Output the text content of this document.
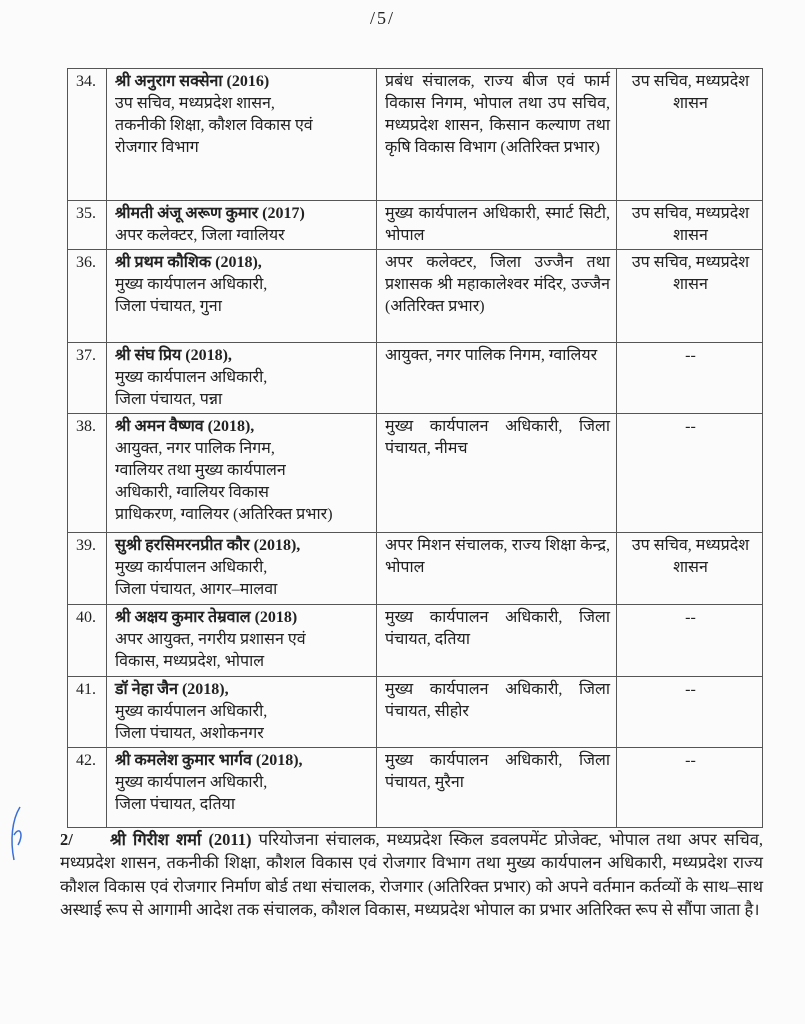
/5/
34.	श्री अनुराग सक्सेना (2016)
उप सचिव, मध्यप्रदेश शासन,
तकनीकी शिक्षा, कौशल विकास एवं
रोजगार विभाग	प्रबंध संचालक, राज्य बीज एवं फार्म विकास निगम, भोपाल तथा उप सचिव, मध्यप्रदेश शासन, किसान कल्याण तथा कृषि विकास विभाग (अतिरिक्त प्रभार)	उप सचिव, मध्यप्रदेश शासन
35.	श्रीमती अंजू अरूण कुमार (2017)
अपर कलेक्टर, जिला ग्वालियर	मुख्य कार्यपालन अधिकारी, स्मार्ट सिटी, भोपाल	उप सचिव, मध्यप्रदेश शासन
36.	श्री प्रथम कौशिक (2018),
मुख्य कार्यपालन अधिकारी,
जिला पंचायत, गुना	अपर कलेक्टर, जिला उज्जैन तथा प्रशासक श्री महाकालेश्वर मंदिर, उज्जैन (अतिरिक्त प्रभार)	उप सचिव, मध्यप्रदेश शासन
37.	श्री संघ प्रिय (2018),
मुख्य कार्यपालन अधिकारी,
जिला पंचायत, पन्ना	आयुक्त, नगर पालिक निगम, ग्वालियर	--
38.	श्री अमन वैष्णव (2018),
आयुक्त, नगर पालिक निगम,
ग्वालियर तथा मुख्य कार्यपालन
अधिकारी, ग्वालियर विकास
प्राधिकरण, ग्वालियर (अतिरिक्त प्रभार)	मुख्य कार्यपालन अधिकारी, जिला पंचायत, नीमच	--
39.	सुश्री हरसिमरनप्रीत कौर (2018),
मुख्य कार्यपालन अधिकारी,
जिला पंचायत, आगर–मालवा	अपर मिशन संचालक, राज्य शिक्षा केन्द्र, भोपाल	उप सचिव, मध्यप्रदेश शासन
40.	श्री अक्षय कुमार तेम्रवाल (2018)
अपर आयुक्त, नगरीय प्रशासन एवं
विकास, मध्यप्रदेश, भोपाल	मुख्य कार्यपालन अधिकारी, जिला पंचायत, दतिया	--
41.	डॉ नेहा जैन (2018),
मुख्य कार्यपालन अधिकारी,
जिला पंचायत, अशोकनगर	मुख्य कार्यपालन अधिकारी, जिला पंचायत, सीहोर	--
42.	श्री कमलेश कुमार भार्गव (2018),
मुख्य कार्यपालन अधिकारी,
जिला पंचायत, दतिया	मुख्य कार्यपालन अधिकारी, जिला पंचायत, मुरैना	--
2/ श्री गिरीश शर्मा (2011) परियोजना संचालक, मध्यप्रदेश स्किल डवलपमेंट प्रोजेक्ट, भोपाल तथा अपर सचिव, मध्यप्रदेश शासन, तकनीकी शिक्षा, कौशल विकास एवं रोजगार विभाग तथा मुख्य कार्यपालन अधिकारी, मध्यप्रदेश राज्य कौशल विकास एवं रोजगार निर्माण बोर्ड तथा संचालक, रोजगार (अतिरिक्त प्रभार) को अपने वर्तमान कर्तव्यों के साथ–साथ अस्थाई रूप से आगामी आदेश तक संचालक, कौशल विकास, मध्यप्रदेश भोपाल का प्रभार अतिरिक्त रूप से सौंपा जाता है।
